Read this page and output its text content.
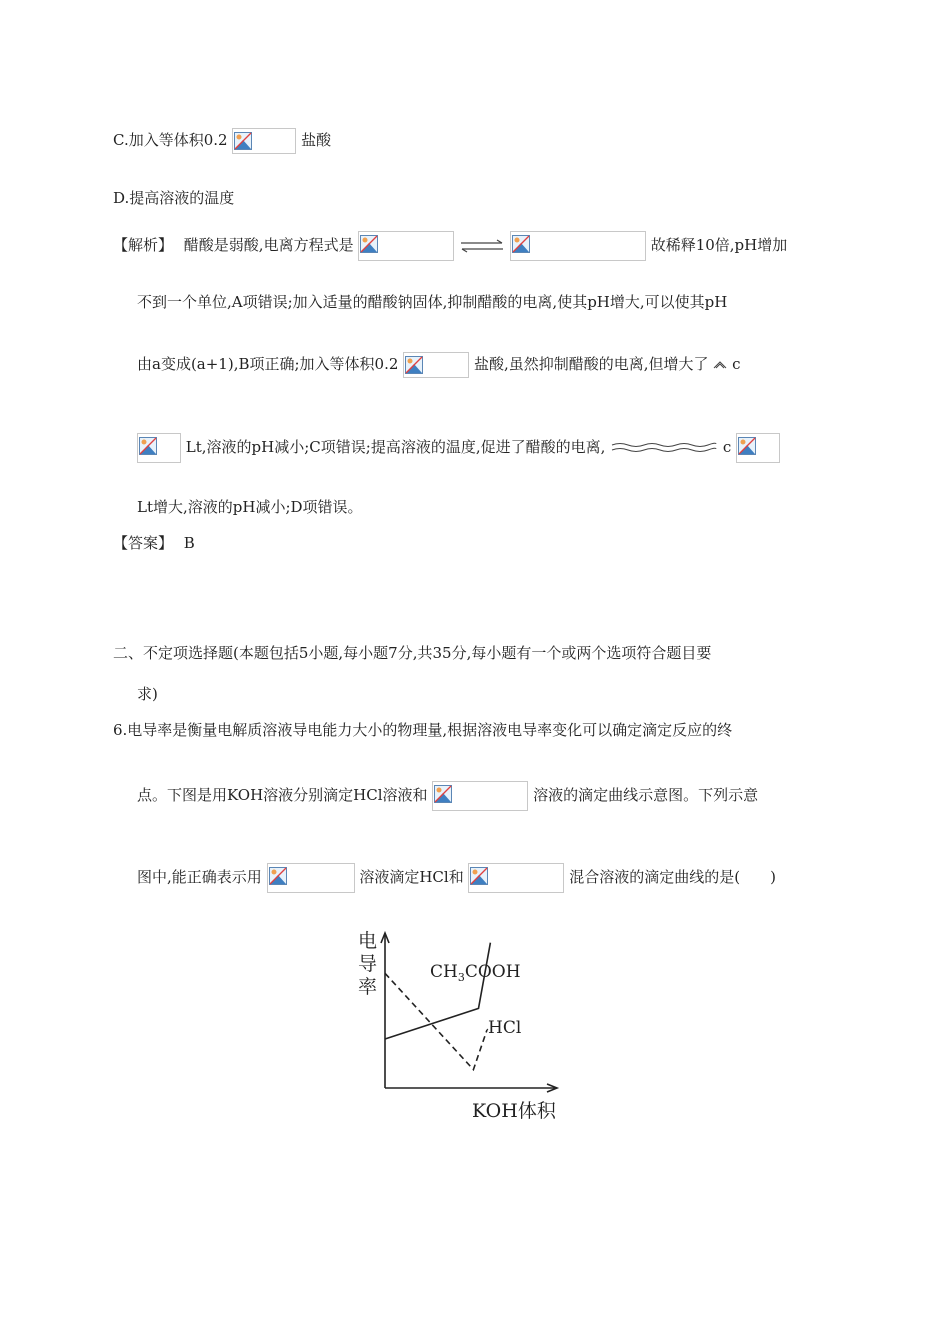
C.加入等体积0.2	盐酸
D.提高溶液的温度
【解析】 醋酸是弱酸,电离方程式是
	故稀释10倍,pH增加
不到一个单位,A项错误;加入适量的醋酸钠固体,抑制醋酸的电离,使其pH增大,可以使其pH
由a变成(a+1),B项正确;加入等体积0.2	盐酸,虽然抑制醋酸的电离,但增大了 c
Lt,溶液的pH减小;C项错误;提高溶液的温度,促进了醋酸的电离,	c
Lt增大,溶液的pH减小;D项错误。
【答案】 B
二、不定项选择题(本题包括5小题,每小题7分,共35分,每小题有一个或两个选项符合题目要
求)
6.电导率是衡量电解质溶液导电能力大小的物理量,根据溶液电导率变化可以确定滴定反应的终
点。下图是用KOH溶液分别滴定HCl溶液和	溶液的滴定曲线示意图。下列示意
图中,能正确表示用	溶液滴定HCl和	混合溶液的滴定曲线的是(　　)
电
导
率
KOH体积
$CH_3COOH$
HCl
